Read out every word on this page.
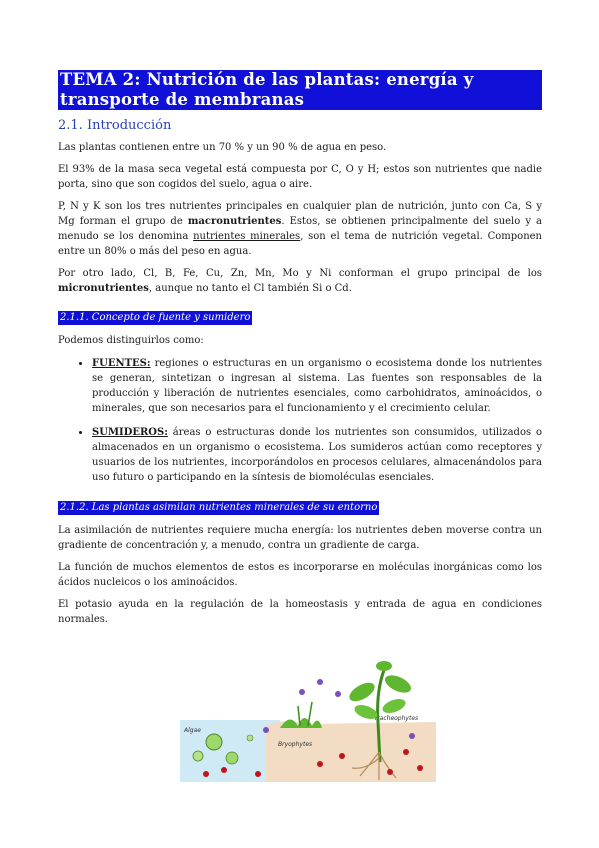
TEMA 2: Nutrición de las plantas: energía y transporte de membranas
2.1. Introducción

Las plantas contienen entre un 70 % y un 90 % de agua en peso.

El 93% de la masa seca vegetal está compuesta por C, O y H; estos son nutrientes que nadie porta, sino que son cogidos del suelo, agua o aire.

P, N y K son los tres nutrientes principales en cualquier plan de nutrición, junto con Ca, S y Mg forman el grupo de macronutrientes. Estos, se obtienen principalmente del suelo y a menudo se los denomina nutrientes minerales, son el tema de nutrición vegetal. Componen entre un 80% o más del peso en agua.

Por otro lado, Cl, B, Fe, Cu, Zn, Mn, Mo y Ni conforman el grupo principal de los micronutrientes, aunque no tanto el Cl también Si o Cd.

2.1.1. Concepto de fuente y sumidero

Podemos distinguirlos como:

• FUENTES: regiones o estructuras en un organismo o ecosistema donde los nutrientes se generan, sintetizan o ingresan al sistema. Las fuentes son responsables de la producción y liberación de nutrientes esenciales, como carbohidratos, aminoácidos, o minerales, que son necesarios para el funcionamiento y el crecimiento celular.
• SUMIDEROS: áreas o estructuras donde los nutrientes son consumidos, utilizados o almacenados en un organismo o ecosistema. Los sumideros actúan como receptores y usuarios de los nutrientes, incorporándolos en procesos celulares, almacenándolos para uso futuro o participando en la síntesis de biomoléculas esenciales.
2.1.2. Las plantas asimilan nutrientes minerales de su entorno

La asimilación de nutrientes requiere mucha energía: los nutrientes deben moverse contra un gradiente de concentración y, a menudo, contra un gradiente de carga.

La función de muchos elementos de estos es incorporarse en moléculas inorgánicas como los ácidos nucleicos o los aminoácidos.

El potasio ayuda en la regulación de la homeostasis y entrada de agua en condiciones normales.

Algae
Bryophytes
Tracheophytes
